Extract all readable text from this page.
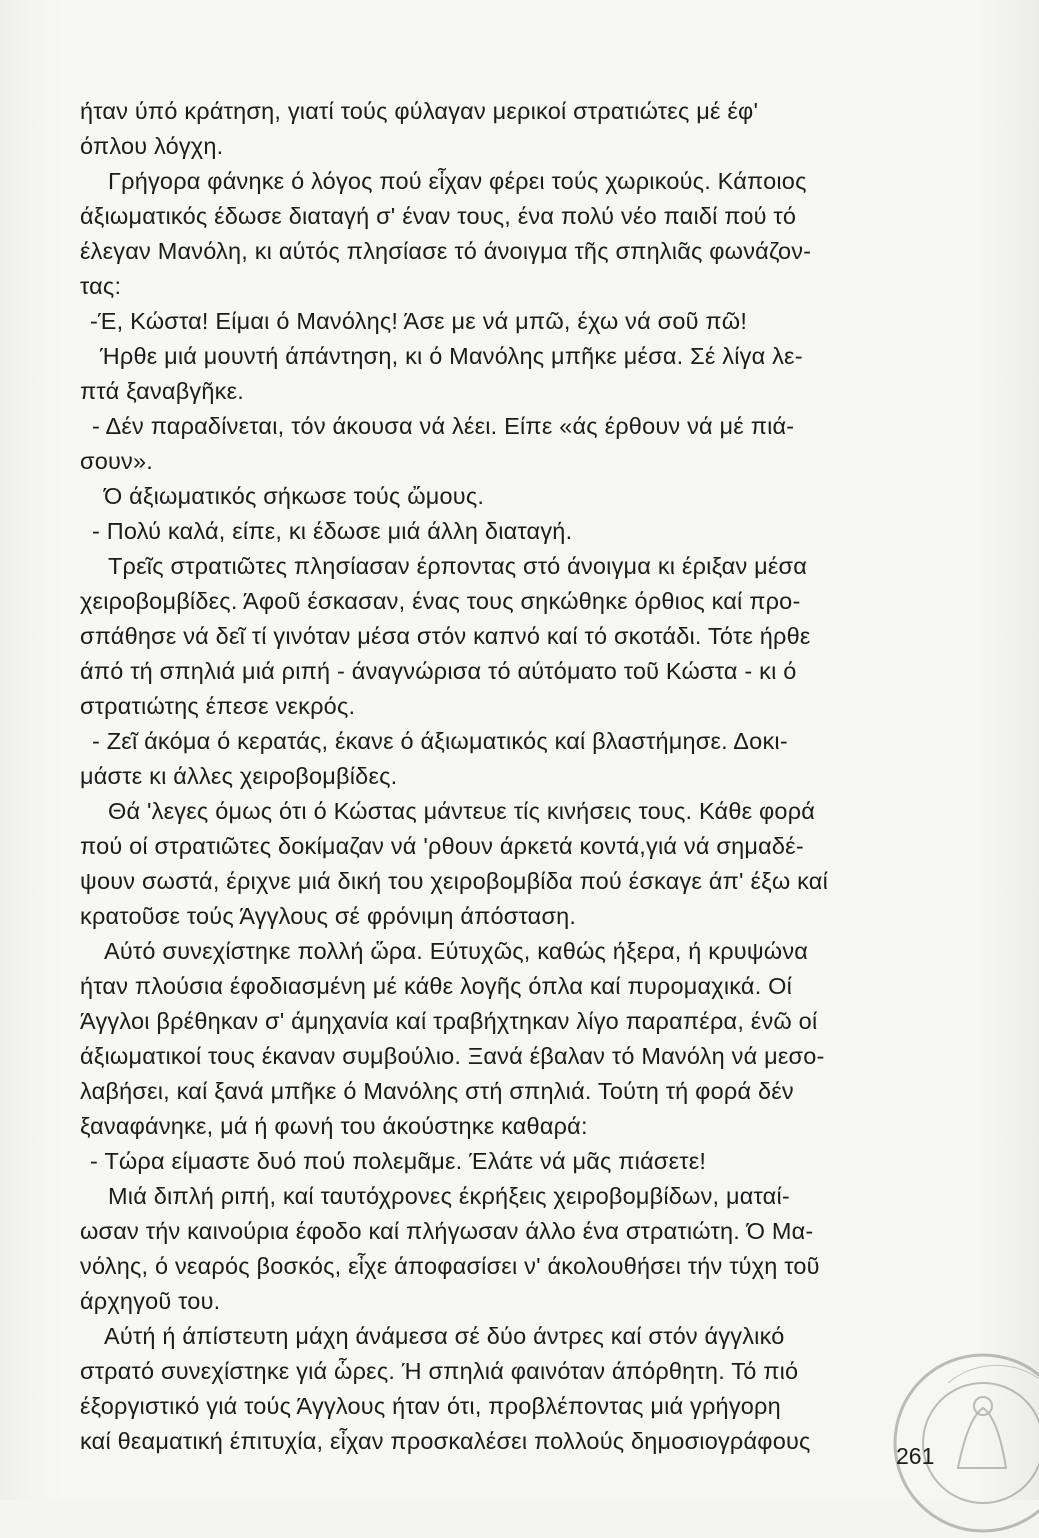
ήταν ύπό κράτηση, γιατί τούς φύλαγαν μερικοί στρατιώτες μέ έφ'
όπλου λόγχη.
Γρήγορα φάνηκε ό λόγος πού εἶχαν φέρει τούς χωρικούς. Κάποιος
άξιωματικός έδωσε διαταγή σ' έναν τους, ένα πολύ νέο παιδί πού τό
έλεγαν Μανόλη, κι αύτός πλησίασε τό άνοιγμα τῆς σπηλιᾶς φωνάζον-
τας:
-Έ, Κώστα! Είμαι ό Μανόλης! Άσε με νά μπῶ, έχω νά σοῦ πῶ!
Ήρθε μιά μουντή άπάντηση, κι ό Μανόλης μπῆκε μέσα. Σέ λίγα λε-
πτά ξαναβγῆκε.
- Δέν παραδίνεται, τόν άκουσα νά λέει. Είπε «άς έρθουν νά μέ πιά-
σουν».
Ό άξιωματικός σήκωσε τούς ὤμους.
- Πολύ καλά, είπε, κι έδωσε μιά άλλη διαταγή.
Τρεῖς στρατιῶτες πλησίασαν έρποντας στό άνοιγμα κι έριξαν μέσα
χειροβομβίδες. Άφοῦ έσκασαν, ένας τους σηκώθηκε όρθιος καί προ-
σπάθησε νά δεῖ τί γινόταν μέσα στόν καπνό καί τό σκοτάδι. Τότε ήρθε
άπό τή σπηλιά μιά ριπή - άναγνώρισα τό αύτόματο τοῦ Κώστα - κι ό
στρατιώτης έπεσε νεκρός.
- Ζεῖ άκόμα ό κερατάς, έκανε ό άξιωματικός καί βλαστήμησε. Δοκι-
μάστε κι άλλες χειροβομβίδες.
Θά 'λεγες όμως ότι ό Κώστας μάντευε τίς κινήσεις τους. Κάθε φορά
πού οί στρατιῶτες δοκίμαζαν νά 'ρθουν άρκετά κοντά,γιά νά σημαδέ-
ψουν σωστά, έριχνε μιά δική του χειροβομβίδα πού έσκαγε άπ' έξω καί
κρατοῦσε τούς Άγγλους σέ φρόνιμη άπόσταση.
Αύτό συνεχίστηκε πολλή ὥρα. Εύτυχῶς, καθώς ήξερα, ή κρυψώνα
ήταν πλούσια έφοδιασμένη μέ κάθε λογῆς όπλα καί πυρομαχικά. Οί
Άγγλοι βρέθηκαν σ' άμηχανία καί τραβήχτηκαν λίγο παραπέρα, ένῶ οί
άξιωματικοί τους έκαναν συμβούλιο. Ξανά έβαλαν τό Μανόλη νά μεσο-
λαβήσει, καί ξανά μπῆκε ό Μανόλης στή σπηλιά. Τούτη τή φορά δέν
ξαναφάνηκε, μά ή φωνή του άκούστηκε καθαρά:
- Τώρα είμαστε δυό πού πολεμᾶμε. Έλάτε νά μᾶς πιάσετε!
Μιά διπλή ριπή, καί ταυτόχρονες έκρήξεις χειροβομβίδων, ματαί-
ωσαν τήν καινούρια έφοδο καί πλήγωσαν άλλο ένα στρατιώτη. Ό Μα-
νόλης, ό νεαρός βοσκός, εἶχε άποφασίσει ν' άκολουθήσει τήν τύχη τοῦ
άρχηγοῦ του.
Αύτή ή άπίστευτη μάχη άνάμεσα σέ δύο άντρες καί στόν άγγλικό
στρατό συνεχίστηκε γιά ὧρες. Ή σπηλιά φαινόταν άπόρθητη. Τό πιό
έξοργιστικό γιά τούς Άγγλους ήταν ότι, προβλέποντας μιά γρήγορη
καί θεαματική έπιτυχία, εἶχαν προσκαλέσει πολλούς δημοσιογράφους
261
